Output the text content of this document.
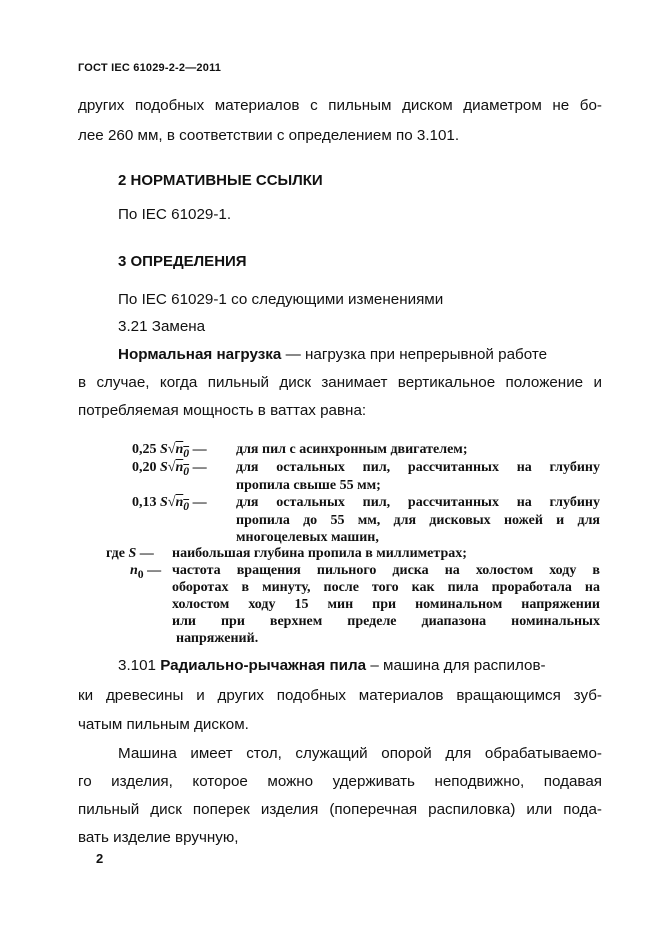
ГОСТ IEC 61029-2-2—2011
других подобных материалов с пильным диском диаметром не бо-
лее 260 мм, в соответствии с определением по 3.101.
2 НОРМАТИВНЫЕ ССЫЛКИ
По IEC 61029-1.
3 ОПРЕДЕЛЕНИЯ
По IEC 61029-1 со следующими изменениями
3.21 Замена
Нормальная нагрузка — нагрузка при непрерывной работе
в случае, когда пильный диск занимает вертикальное положение и
потребляемая мощность в ваттах равна:
0,25 $S√n_0$ —	для пил с асинхронным двигателем;
0,20 $S√n_0$ —	для остальных пил, рассчитанных на глубину
пропила свыше 55 мм;
0,13 $S√n_0$ —	для остальных пил, рассчитанных на глубину
пропила до 55 мм, для дисковых ножей и для
многоцелевых машин,
где S — наибольшая глубина пропила в миллиметрах;
$n_0$ — частота вращения пильного диска на холостом ходу в
оборотах в минуту, после того как пила проработала на
холостом ходу 15 мин при номинальном напряжении
или при верхнем пределе диапазона номинальных
напряжений.
3.101 Радиально-рычажная пила – машина для распилов-
ки древесины и других подобных материалов вращающимся зуб-
чатым пильным диском.
Машина имеет стол, служащий опорой для обрабатываемо-
го изделия, которое можно удерживать неподвижно, подавая
пильный диск поперек изделия (поперечная распиловка) или пода-
вать изделие вручную,
2
